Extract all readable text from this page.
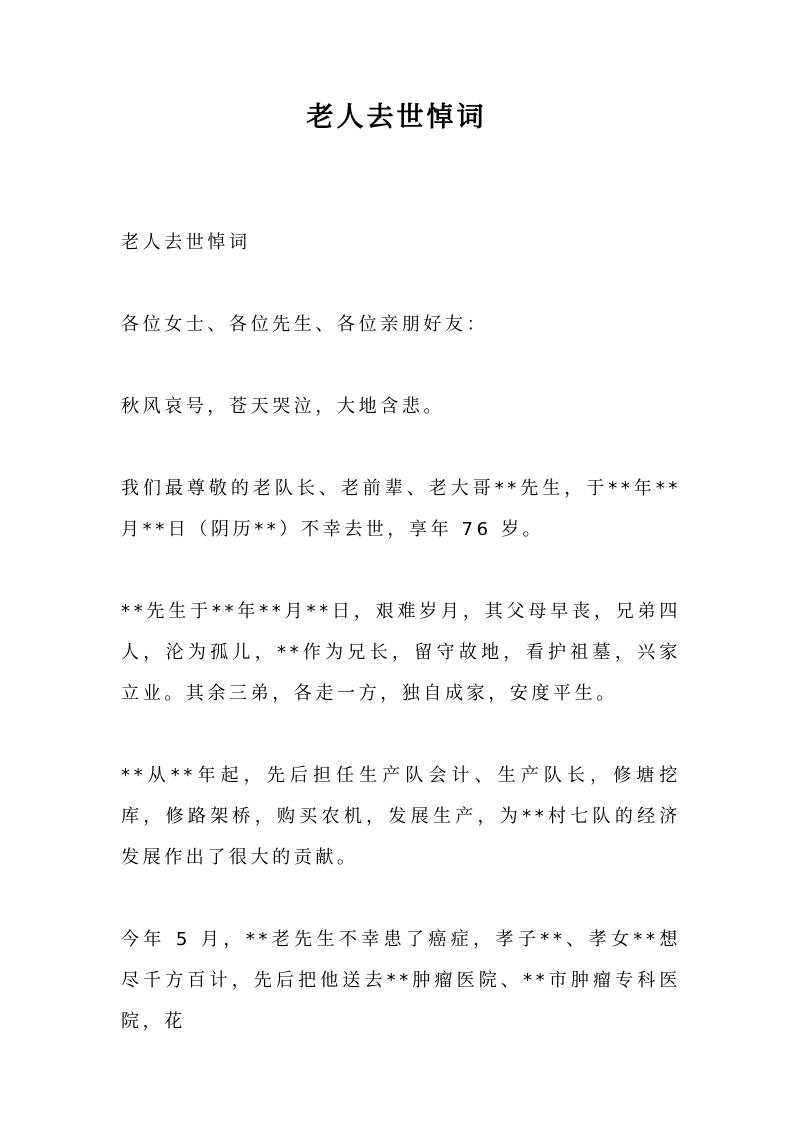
老人去世悼词

老人去世悼词

各位女士、各位先生、各位亲朋好友：

秋风哀号，苍天哭泣，大地含悲。

我们最尊敬的老队长、老前辈、老大哥**先生，于**年**月**日（阴历**）不幸去世，享年 76 岁。

**先生于**年**月**日，艰难岁月，其父母早丧，兄弟四人，沦为孤儿，**作为兄长，留守故地，看护祖墓，兴家立业。其余三弟，各走一方，独自成家，安度平生。

**从**年起，先后担任生产队会计、生产队长，修塘挖库，修路架桥，购买农机，发展生产，为**村七队的经济发展作出了很大的贡献。

今年 5 月，**老先生不幸患了癌症，孝子**、孝女**想尽千方百计，先后把他送去**肿瘤医院、**市肿瘤专科医院，花
